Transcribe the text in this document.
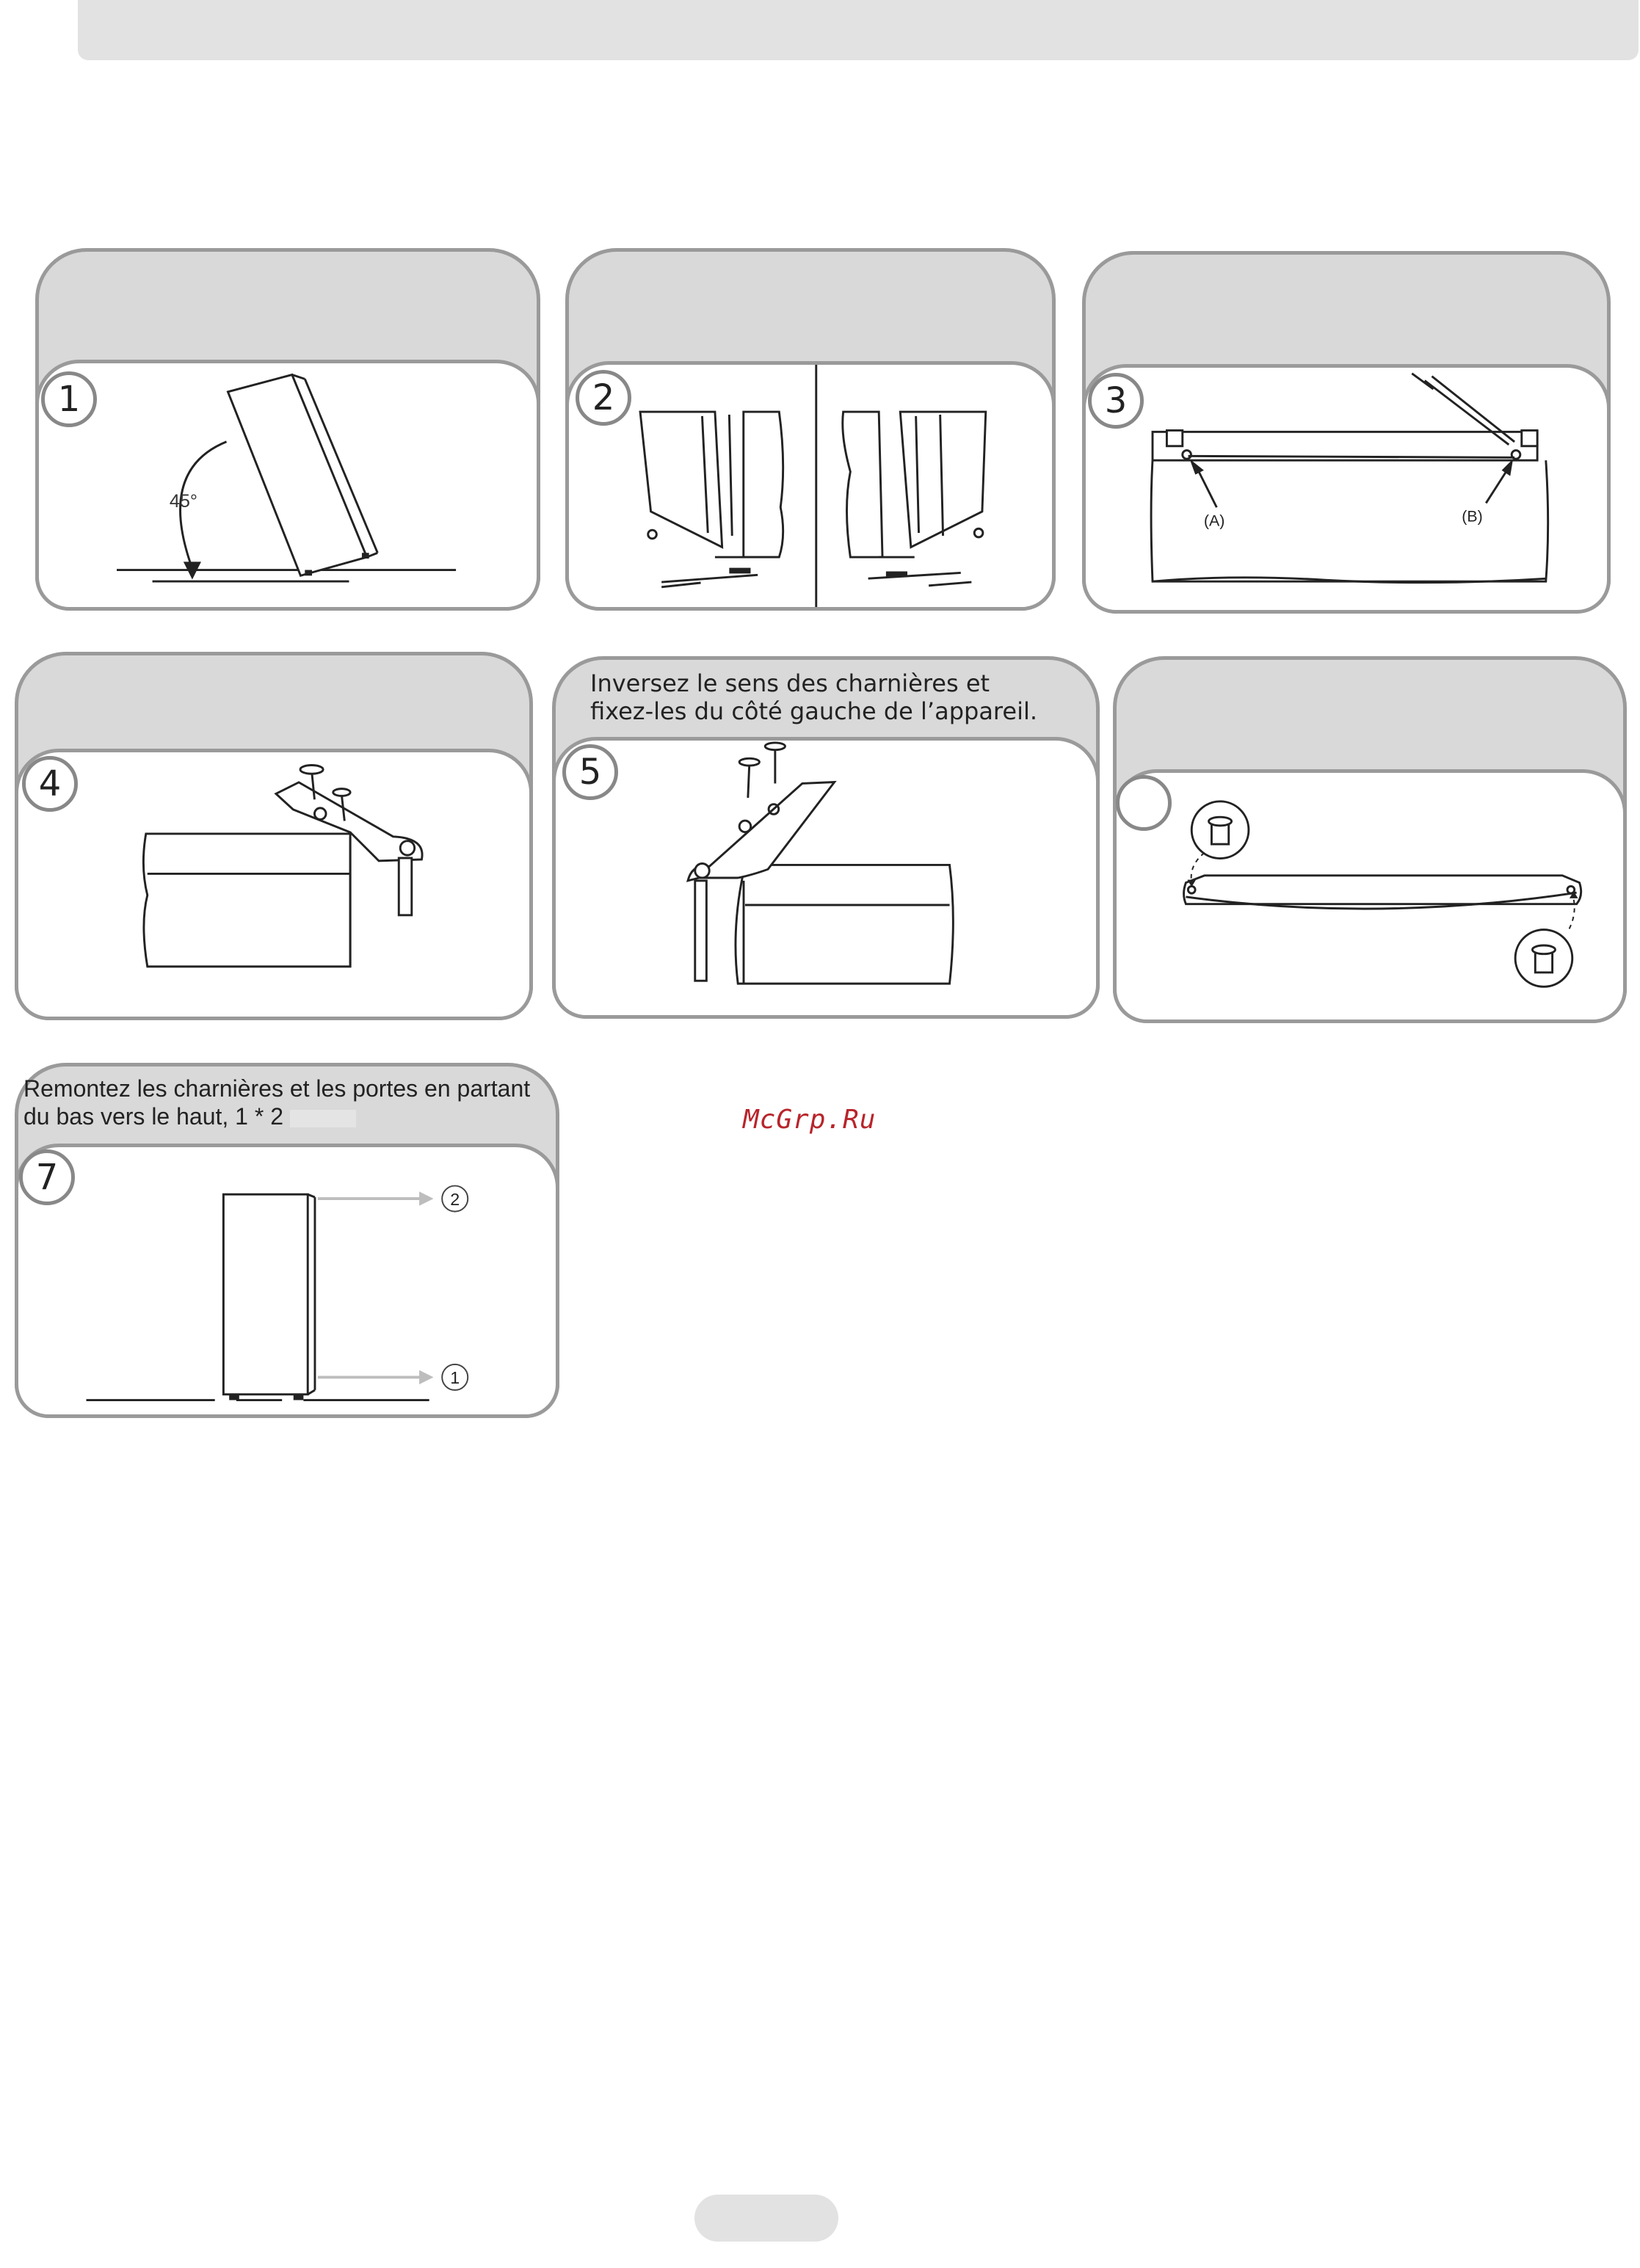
45°
1	2
(A)	(B)
3
4
Inversez le sens des charnières et
fixez-les du côté gauche de l’appareil.
5
Remontez les charnières et les portes en partant
du bas vers le haut, 1 * 2
2
1
7
McGrp.Ru
